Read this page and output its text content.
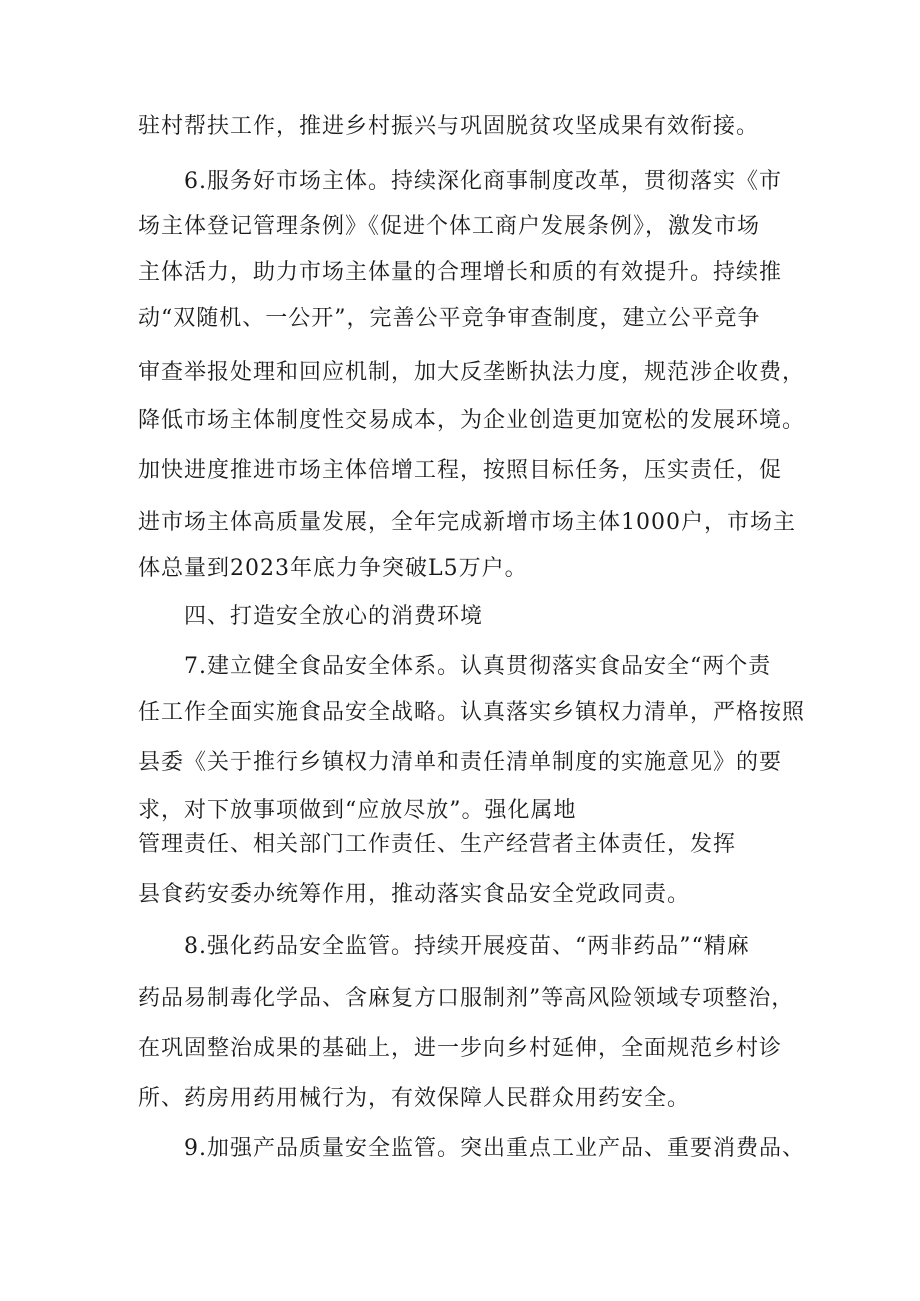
驻村帮扶工作，推进乡村振兴与巩固脱贫攻坚成果有效衔接。
6.服务好市场主体。持续深化商事制度改革，贯彻落实《市
场主体登记管理条例》《促进个体工商户发展条例》，激发市场
主体活力，助力市场主体量的合理增长和质的有效提升。持续推
动“双随机、一公开”，完善公平竞争审查制度，建立公平竞争
审查举报处理和回应机制，加大反垄断执法力度，规范涉企收费，
降低市场主体制度性交易成本，为企业创造更加宽松的发展环境。
加快进度推进市场主体倍增工程，按照目标任务，压实责任，促
进市场主体高质量发展，全年完成新增市场主体1000户，市场主
体总量到2023年底力争突破L5万户。
四、打造安全放心的消费环境
7.建立健全食品安全体系。认真贯彻落实食品安全“两个责
任工作全面实施食品安全战略。认真落实乡镇权力清单，严格按照
县委《关于推行乡镇权力清单和责任清单制度的实施意见》的要
求，对下放事项做到“应放尽放”。强化属地
管理责任、相关部门工作责任、生产经营者主体责任，发挥
县食药安委办统筹作用，推动落实食品安全党政同责。
8.强化药品安全监管。持续开展疫苗、“两非药品”“精麻
药品易制毒化学品、含麻复方口服制剂”等高风险领域专项整治，
在巩固整治成果的基础上，进一步向乡村延伸，全面规范乡村诊
所、药房用药用械行为，有效保障人民群众用药安全。
9.加强产品质量安全监管。突出重点工业产品、重要消费品、
